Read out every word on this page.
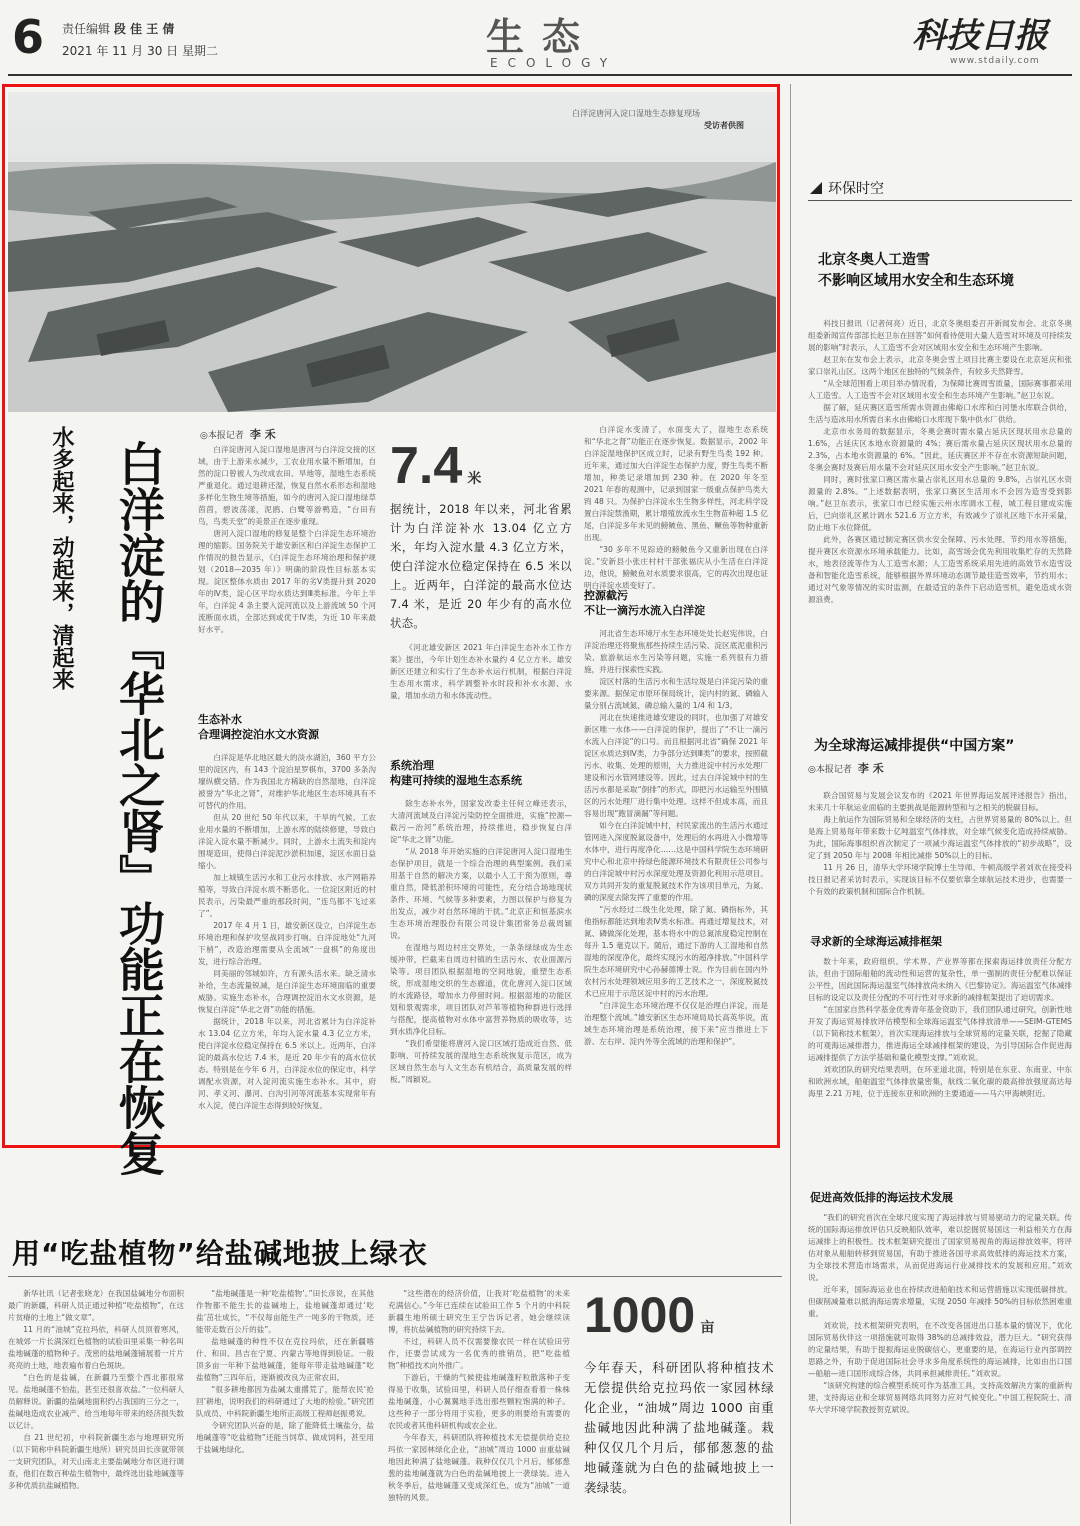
6 责任编辑 段 佳 王 倩
2021 年 11 月 30 日 星期二	生态
ECOLOGY
科技日报
www.stdaily.com
白洋淀唐河入淀口湿地生态修复现场
受访者供图
水多起来，动起来，清起来 白洋淀的『华北之肾』功能正在恢复
◎本报记者 李 禾

白洋淀唐河入淀口湿地是唐河与白洋淀交接的区域，由于上游来水减少，工农业用水量不断增加，自然的淀口曾被人为改成农田、旱地等，湿地生态系统严重退化。通过退耕还湿，恢复自然水系形态和湿地多样化生物生境等措施，如今的唐河入淀口湿地绿草茵茵，碧波荡漾，泥鸥、白鹭等游鸭造，“台田有鸟，鸟类天堂”的美景正在逐步重现。

唐河入淀口湿地的修复是整个白洋淀生态环境治理的缩影。国务院关于雄安新区和白洋淀生态保护工作情况的报告显示，《白洋淀生态环境治理和保护规划（2018—2035 年）》明确的阶段性目标基本实现。淀区整体水质由 2017 年的劣Ⅴ类提升到 2020 年的Ⅳ类，淀心区平均水质达到Ⅲ类标准。今年上半年，白洋淀 4 条主要入淀河流以及上游流域 50 个河流断面水质，全部达到或优于Ⅳ类，为近 10 年来最好水平。

生态补水
合理调控淀泊水文水资源

白洋淀是华北地区最大的淡水湖泊，360 平方公里的淀区内，有 143 个淀泊星罗棋布，3700 多条沟壕纵横交错。作为我国北方稀缺的自然湿地，白洋淀被誉为“华北之肾”，对维护华北地区生态环境具有不可替代的作用。

但从 20 世纪 50 年代以来，干旱的气候、工农业用水量的不断增加，上游水库的陆续修建，导致白洋淀入淀水量不断减少。同时，上游水土流失和淀内围堤造田，使得白洋淀泥沙淤积加速，淀区水面日益缩小。

加上城镇生活污水和工业污水排放、水产网箱养殖等，导致白洋淀水质不断恶化。一位淀区附近的村民表示，污染最严重的那段时间，“连鸟都不飞过来了”。

2017 年 4 月 1 日，雄安新区设立，白洋淀生态环境治理和保护攻坚战同步打响。白洋淀地处“九河下梢”，改造治理需要从全流域“一盘棋”的角度出发，进行综合治理。

同美丽的邻城如许，方有源头活水来。缺乏清水补给，生态流量锐减，是白洋淀生态环境面临的重要威胁。实施生态补水，合理调控淀泊水文水资源，是恢复白洋淀“华北之肾”功能的措施。

据统计，2018 年以来，河北省累计为白洋淀补水 13.04 亿立方米，年均入淀水量 4.3 亿立方米，使白洋淀水位稳定保持在 6.5 米以上。近两年，白洋淀的最高水位达 7.4 米，是近 20 年少有的高水位状态。特别是在今年 6 月，白洋淀水位的保定市，科学调配水资源，对入淀河流实施生态补水。其中，府河、孝义河、瀑河、白沟引河等河流基本实现常年有水入淀，使白洋淀生态得到较好恢复。

7.4 米
据统计，2018 年以来，河北省累计为白洋淀补水 13.04 亿立方米，年均入淀水量 4.3 亿立方米，使白洋淀水位稳定保持在 6.5 米以上。近两年，白洋淀的最高水位达 7.4 米，是近 20 年少有的高水位状态。

《河北雄安新区 2021 年白洋淀生态补水工作方案》提出，今年计划生态补水量约 4 亿立方米。雄安新区还建立和实行了生态补水运行机制，根据白洋淀生态用水需求，科学调整补水时段和补水水源、水量，增加水动力和水体流动性。

系统治理
构建可持续的湿地生态系统

除生态补水外，国家发改委主任何立峰还表示，大清河流域及白洋淀污染防控全面推进，实施“控源—截污—治河”系统治理，持续推进，稳步恢复白洋淀“华北之肾”功能。

“从 2018 年开始实施的白洋淀唐河入淀口湿地生态保护项目，就是一个综合治理的典型案例。我们采用基于自然的解决方案，以最小人工干预为原则，尊重自然，降低淤积环境的可能性，充分结合场地现状条件、环境、气候等多种要素，力图以保护与修复为出发点，减少对自然环境的干扰。”北京正和恒基滨水生态环境治理股份有限公司设计集团常务总裁周颖说。

在湿地与周边村庄交界处，一条条绿绿成为生态缓冲带，拦截来自周边村镇的生活污水、农业面源污染等。项目团队根据湿地的空间地貌，重塑生态系统，形成湿地交织的生态廊道，优化唐河入淀口区域的水流路径，增加水力停留时间。根据湿地的功能区划和景观需求，项目团队对芦苇等植物种群进行选择与搭配，提高植物对水体中富营养物质的吸收等，达到水质净化目标。

“我们希望能将唐河入淀口区域打造成近自然、低影响、可持续发展的湿地生态系统恢复示范区，成为区域自然生态与人文生态有机结合，高质量发展的样板。”周颖说。

白洋淀水变清了，水面变大了，湿地生态系统和“华北之肾”功能正在逐步恢复。数据显示，2002 年白洋淀湿地保护区成立时，记录有野生鸟类 192 种。近年来，通过加大白洋淀生态保护力度，野生鸟类不断增加，种类记录增加到 230 种。在 2020 年冬至 2021 年春的观测中，记录到国家一级重点保护鸟类大鸨 48 只。为保护白洋淀水生生物多样性，河北科学设置白洋淀禁渔期，累计增殖放流水生生物苗种超 1.5 亿尾，白洋淀多年未见的鳑鲏鱼、黑鱼、鳜鱼等物种重新出现。

“30 多年不见踪迹的鳑鲏鱼今又重新出现在白洋淀。”安新县小张庄村村干部张福庆从小生活在白洋淀边，他说，鳑鲏鱼对水质要求很高，它的再次出现也证明白洋淀水质变好了。

控源截污
不让一滴污水流入白洋淀

河北省生态环境厅水生态环境处处长赵宪伟说，白洋淀治理还将聚焦那些持续生活污染、淀区底泥重积污染、旅游航运水生污染等问题，实施一系列很有力措施，并进行探索性实践。

淀区村落的生活污水和生活垃圾是白洋淀污染的重要来源。据保定市原环保局统计，淀内村的氮、磷输入量分别占流域氮、磷总输入量的 1/4 和 1/3。

河北在快速推进雄安建设的同时，也加强了对雄安新区唯一水体——白洋淀的保护，提出了“不让一滴污水流入白洋淀”的口号。而且根据河北省“确保 2021 年淀区水质达到Ⅳ类，力争部分达到Ⅲ类”的要求，按照截污水、收集、处理的原则，大力推进淀中村污水处理厂建设和污水管网建设等。因此，过去白洋淀城中村的生活污水都是采取“倒排”的形式，即把污水运输至外围镇区的污水处理厂进行集中处理。这样不但成本高，而且容易出现“跑冒滴漏”等问题。

如今在白洋淀城中村，村民家流出的生活污水通过管网进入深度脱氮设备中，处理后的水再进入小微增等水体中，进行再度净化……这是中国科学院生态环境研究中心和北京中持绿色能源环境技术有限责任公司参与的白洋淀城中村污水深度处理及资源化利用示范项目。双方共同开发的重复脱氮技术作为该项目单元，为氮、磷的深度去除发挥了重要的作用。

“污水经过二级生化处理，除了氮、磷指标外，其他指标都能达到地表Ⅳ类水标准。再通过增复技术，对氮、磷做深化处理，基本将水中的总氮浓度稳定控制在每升 1.5 毫克以下。随后，通过下游的人工湿地和自然湿地的深度净化，最终实现污水的超净排放。”中国科学院生态环境研究中心孙赫德博士说。作为目前在国内外农村污水处理领域应用多的工艺技术之一，深度脱氮技术已应用于示范区淀中村的污水治理。

“白洋淀生态环境治理不仅仅是治理白洋淀，而是治理整个流域。”雄安新区生态环境局局长高英华说，流域生态环境治理是系统治理，接下来“应当推进上下游、左右岸、淀内外等全流域的治理和保护”。

环保时空
北京冬奥人工造雪
不影响区域用水安全和生态环境

科技日报讯（记者何亮）近日，北京冬奥组委召开新闻发布会。北京冬奥组委新闻宣传部部长赵卫东在回答“如何看待使用大量人造雪对环境及可持续发展的影响”时表示，人工造雪不会对区域用水安全和生态环境产生影响。

赵卫东在发布会上表示，北京冬奥会雪上项目比赛主要设在北京延庆和张家口崇礼山区。这两个地区在独特的气候条件，有较多天然降雪。

“从全球范围看上项目举办情况看，为保障比赛周雪质量，国际赛事都采用人工造雪。人工造雪不会对区域用水安全和生态环境产生影响。”赵卫东说。

据了解，延庆赛区造雪所需水资源由佛峪口水库和白河堡水库联合供给，生活与造冰用水所需自来水由佛峪口水库现下集中供水厂供给。

北京市水务局的数据显示，冬奥会赛时需水量占延庆区现状用水总量的 1.6%，占延庆区本地水资源量的 4%；赛后需水量占延庆区现状用水总量的 2.3%，占本地水资源量的 6%。“因此，延庆赛区并不存在水资源短缺问题，冬奥会赛时及赛后用水量不会对延庆区用水安全产生影响。”赵卫东说。

同时，赛时张家口赛区需水量占崇礼区用水总量的 9.8%，占崇礼区水资源量的 2.8%。“上述数据表明，张家口赛区生活用水不会因为造雪受到影响。”赵卫东表示，张家口市已经实施云州水库调水工程，城工程目建成实施后，已向崇礼区累计调水 521.6 万立方米，有效减少了崇礼区地下水开采量，防止地下水位降低。

此外，各赛区通过制定赛区供水安全保障、污水处理、节约用水等措施，提升赛区水资源水环境承载能力。比如，高雪场会优先利用收集贮存的天然降水，地表径流等作为人工造雪水源；人工造雪系统采用先进的高效节水造雪设备和智能化造雪系统，能够根据外界环境动态调节最佳造雪效率，节约用水；通过对气象等情况的实时监测，在最适宜的条件下启动造雪机，避免造成水资源浪费。

为全球海运减排提供“中国方案”
◎本报记者 李 禾

联合国贸易与发展会议发布的《2021 年世界海运发展评述报告》指出，未来几十年航运业面临的主要挑战是能源转型和与之相关的脱碳目标。

海上航运作为国际贸易和全球经济的支柱，占世界贸易量的 80%以上。但是海上贸易每年带来数十亿吨温室气体排放，对全球气候变化造成持续威胁。为此，国际海事组织首次制定了一项减少海运温室气体排放的“初步战略”，设定了到 2050 年与 2008 年相比减排 50%以上的目标。

11 月 26 日，清华大学环境学院博士生导师、牛顿高级学者刘欢在接受科技日报记者采访时表示，实现该目标不仅要依靠全球航运技术进步，也需要一个有效的政策机制和国际合作机制。

寻求新的全球海运减排框架

数十年来，政府组织、学术界、产业界等都在探索海运排放责任分配方法，但由于国际船舶的流动性和运营的复杂性，单一强制的责任分配难以保证公平性，因此国际海运温室气体排放尚未纳入《巴黎协定》。海运温室气体减排目标的设定以及责任分配的不可行性对寻求新的减排框架提出了迫切需求。

“在国家自然科学基金优秀青年基金资助下，我们团队通过研究，创新性地开发了海运贸易排放评估模型和全球海运温室气体排放清单——SEIM-GTEMS（以下简称技术框架），首次实现海运排放与全球贸易的定量关联，挖掘了隐藏的可观海运减排潜力，推进海运全球减排框架的建设，为引导国际合作促进海运减排提供了方法学基础和量化模型支撑。”刘欢说。

刘欢团队的研究结果表明，在环亚道北面，特别是在东亚、东南亚、中东和欧洲水域，船舶温室气体排放量密集，航线二氧化碳的最高排放强度高达每海里 2.21 万吨，位于连接东亚和欧洲的主要通道——马六甲海峡附近。

促进高效低排的海运技术发展

“我们的研究首次在全球尺度实现了海运排放与贸易驱动力的定量关联。传统的国际海运排放评估只反映船队效率，难以挖掘贸易国这一利益相关方在海运减排上的积极性。技术框架研究提出了国家贸易视角的海运排放效率，将评估对象从船舶转移到贸易国，有助于推进各国寻求高效低排的海运技术方案，为全球技术营造市场需求，从而促进海运行业减排技术的发展和应用。”刘欢说。

近年来，国际海运业也在持续改进船舶技术和运营措施以实现低碳排放。但碳削减量难以抵消海运需求增量，实现 2050 年减排 50%的目标依然困难重重。

刘欢说，技术框架研究表明，在不改变各国进出口基本量的情况下，优化国际贸易伙伴这一项措施就可取得 38%的总减排效益，潜力巨大。“研究获得的定量结果，有助于提振海运业脱碳信心，更重要的是，在海运行业内部调控思路之外，有助于促进国际社会寻求多角度系统性的海运减排，比如由出口国—船舶—进口国形成综合体，共同承担减排责任。”刘欢说。

“该研究构建的综合模型系统可作为基准工具，支持高效解决方案的重新构建，支持海运业和全球贸易网络共同努力应对气候变化。”中国工程院院士、清华大学环境学院教授贺克斌说。

用“吃盐植物”给盐碱地披上绿衣

新华社讯（记者张晓龙）在我国盐碱地分布面积最广的新疆，科研人员正通过种植“吃盐植物”，在这片贫瘠的土地上“做文章”。

11 月的“油城”克拉玛依，科研人员顶着寒风，在城郊一片长满深红色植物的试验田里采集一种名叫盐地碱蓬的植物种子。茂密的盐地碱蓬铺展着一片片亮亮的土地，地表遍布着白色斑块。

“白色的是盐碱，在新疆乃至整个西北都很常见。盐地碱蓬不怕盐，甚至还很喜欢盐。”一位科研人员解释说。新疆的盐碱地面积约占我国的三分之一，盐碱地造成农业减产、给当地每年带来的经济损失数以亿计。

自 21 世纪初，中科院新疆生态与地理研究所（以下简称中科院新疆生地所）研究员田长彦就带领一支研究团队，对天山南北主要盐碱地分布区进行调查，他们在数百种盐生植物中，最终选出盐地碱蓬等多种优质抗盐碱植物。

“盐地碱蓬是一种‘吃盐植物’。”田长彦说，在其他作物都不能生长的盐碱地上，盐地碱蓬却通过‘吃盐’茁壮成长，“不仅每亩能生产一吨多的干物质，还能带走数百公斤的盐”。

盐地碱蓬的种性不仅在克拉玛依，还在新疆喀什、和田、昌吉在宁夏、内蒙古等地得到验证。一般顶多亩一年种下盐地碱蓬，能每年带走盐地碱蓬“吃盐植物”三四年后，逐渐被改良为正常农田。

“很多耕地都因为盐碱太重撂荒了，能帮农民‘抢回’耕地，说明我们的科研通过了大地的检验。”研究团队成员、中科院新疆生地所正高级工程师赵振勇说。

令研究团队兴奋的是，除了能降低土壤盐分，盐地碱蓬等“吃盐植物”还能当饲草、做成饲料，甚至用于盐碱地绿化。

“这些潜在的经济价值，让我对‘吃盐植物’的未来充满信心。”今年已连续在试验田工作 5 个月的中科院新疆生地所硕士研究生王宁告诉记者，她会继续读博，将抗盐碱植物的研究持续下去。

不过，科研人员不仅需要像农民一样在试验田劳作，还要尝试成为一名优秀的推销员，把“吃盐植物”种植技术向外推广。

下游后，干燥的气候使盐地碱蓬籽粒散落种子变得易于收集，试验田里，科研人员仔细查看着一株株盐地碱蓬，小心翼翼地手选出那些颗粒饱满的种子。这些种子一部分将用于实验，更多的则要给有需要的农民或者其他科研机构或农企业。

今年春天，科研团队将种植技术无偿提供给克拉玛依一家园林绿化企业，“油城”周边 1000 亩重盐碱地因此种满了盐地碱蓬。栽种仅仅几个月后，郁郁葱葱的盐地碱蓬就为白色的盐碱地披上一袭绿装。进入秋冬季后，盐地碱蓬又变成深红色，成为“油城”一道独特的风景。

1000 亩
今年春天，科研团队将种植技术无偿提供给克拉玛依一家园林绿化企业，“油城”周边 1000 亩重盐碱地因此种满了盐地碱蓬。栽种仅仅几个月后，郁郁葱葱的盐地碱蓬就为白色的盐碱地披上一袭绿装。
